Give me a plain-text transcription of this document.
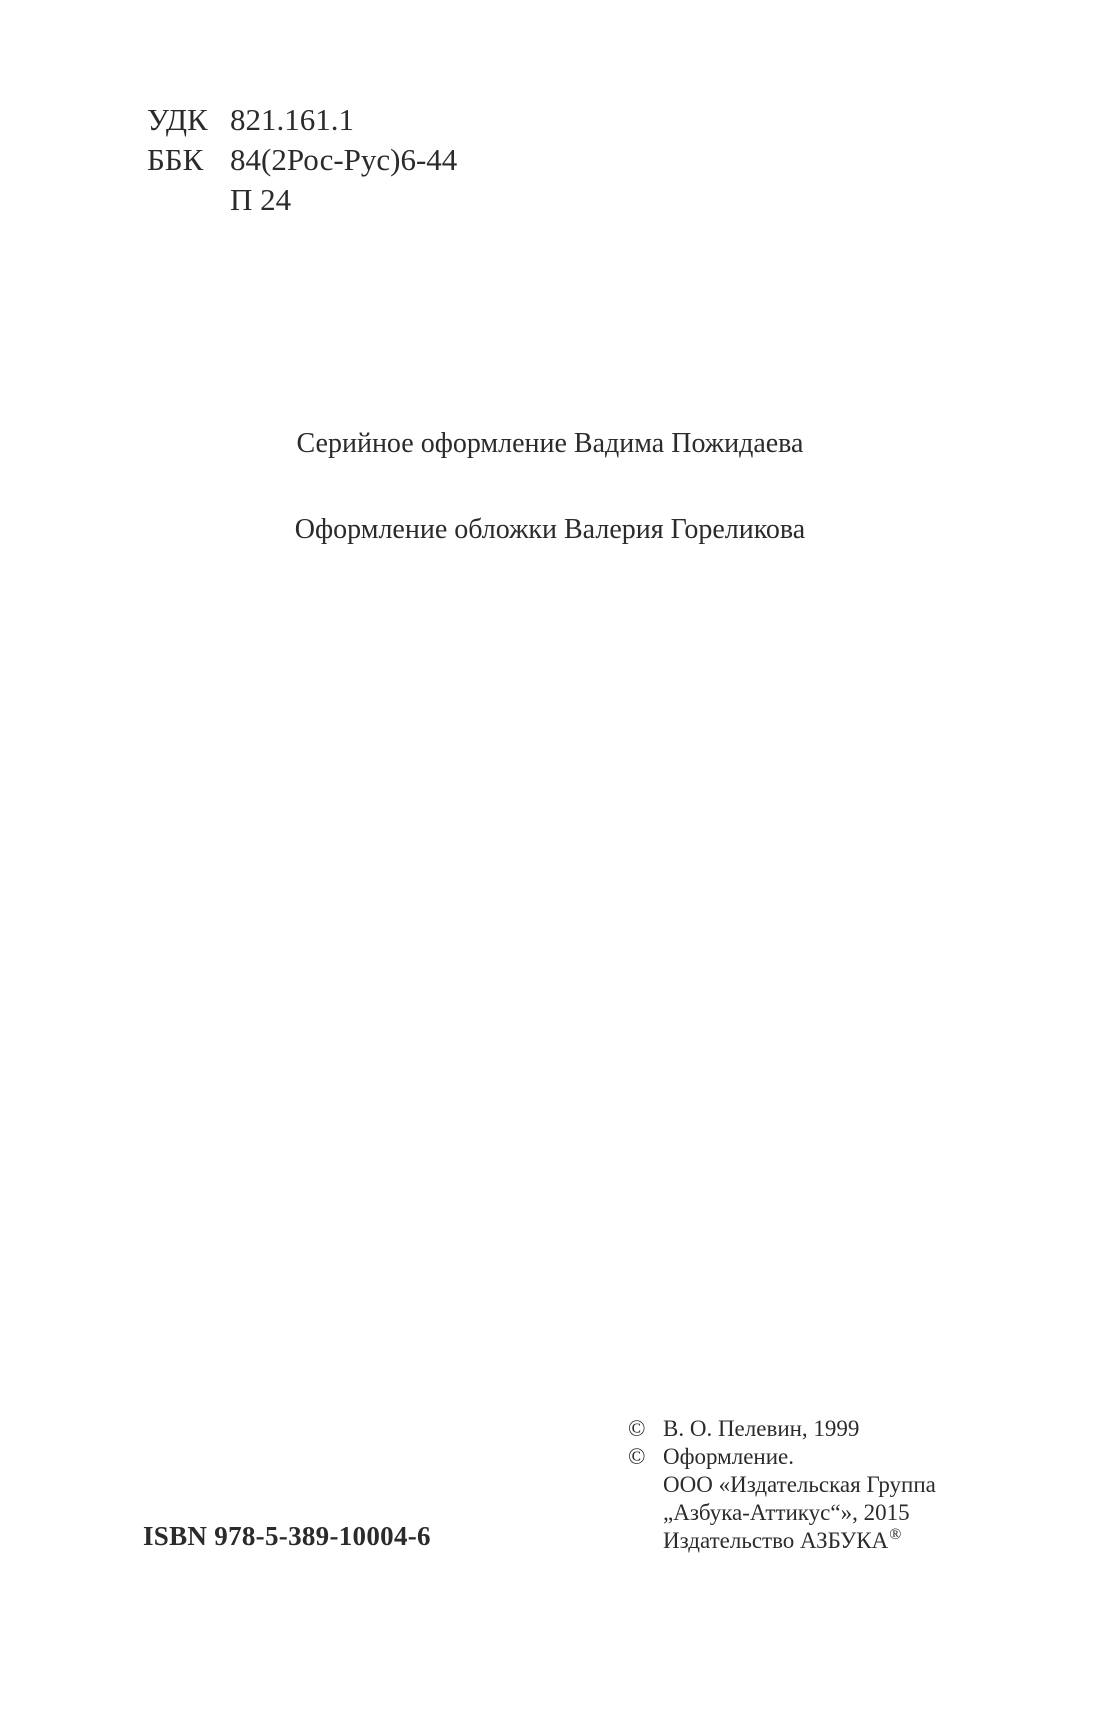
УДК 821.161.1
ББК 84(2Рос-Рус)6-44
П 24
Серийное оформление Вадима Пожидаева
Оформление обложки Валерия Гореликова
© В. О. Пелевин, 1999
© Оформление.
ООО «Издательская Группа
„Азбука-Аттикус“», 2015
Издательство АЗБУКА®
ISBN 978-5-389-10004-6
